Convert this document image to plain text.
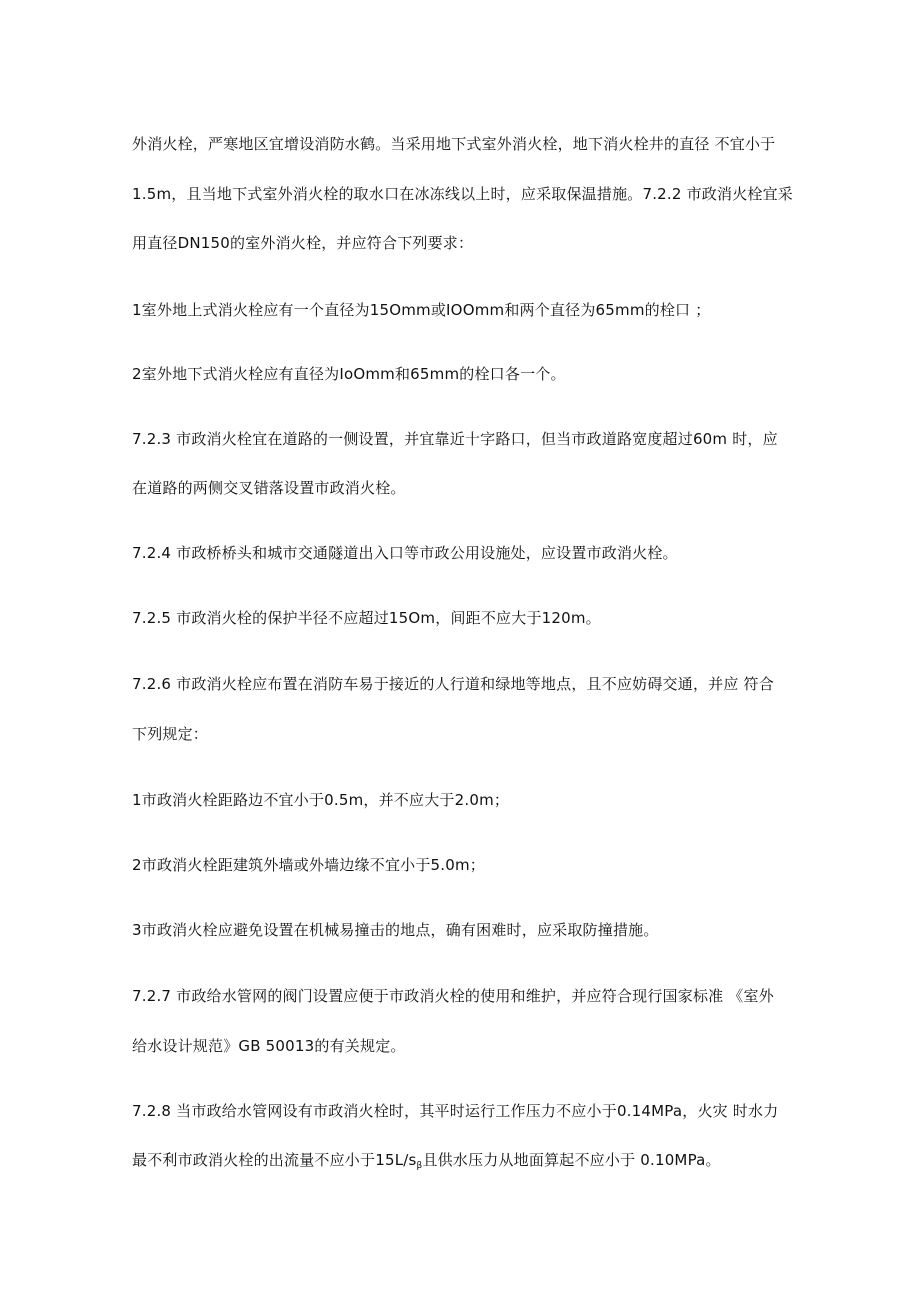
外消火栓，严寒地区宜增设消防水鹤。当采用地下式室外消火栓，地下消火栓井的直径 不宜小于
1.5m，且当地下式室外消火栓的取水口在冰冻线以上时，应采取保温措施。7.2.2 市政消火栓宜采
用直径DN150的室外消火栓，并应符合下列要求：
1室外地上式消火栓应有一个直径为15Omm或IOOmm和两个直径为65mm的栓口 ；
2室外地下式消火栓应有直径为IoOmm和65mm的栓口各一个。
7.2.3 市政消火栓宜在道路的一侧设置，并宜靠近十字路口，但当市政道路宽度超过60m 时，应
在道路的两侧交叉错落设置市政消火栓。
7.2.4 市政桥桥头和城市交通隧道出入口等市政公用设施处，应设置市政消火栓。
7.2.5 市政消火栓的保护半径不应超过15Om，间距不应大于120m。
7.2.6 市政消火栓应布置在消防车易于接近的人行道和绿地等地点，且不应妨碍交通，并应 符合
下列规定：
1市政消火栓距路边不宜小于0.5m，并不应大于2.0m；
2市政消火栓距建筑外墙或外墙边缘不宜小于5.0m；
3市政消火栓应避免设置在机械易撞击的地点，确有困难时，应采取防撞措施。
7.2.7 市政给水管网的阀门设置应便于市政消火栓的使用和维护，并应符合现行国家标准 《室外
给水设计规范》GB 50013的有关规定。
7.2.8 当市政给水管网设有市政消火栓时，其平时运行工作压力不应小于0.14MPa，火灾 时水力
最不利市政消火栓的出流量不应小于$15L∕s_\beta$且供水压力从地面算起不应小于 0.10MPa。
